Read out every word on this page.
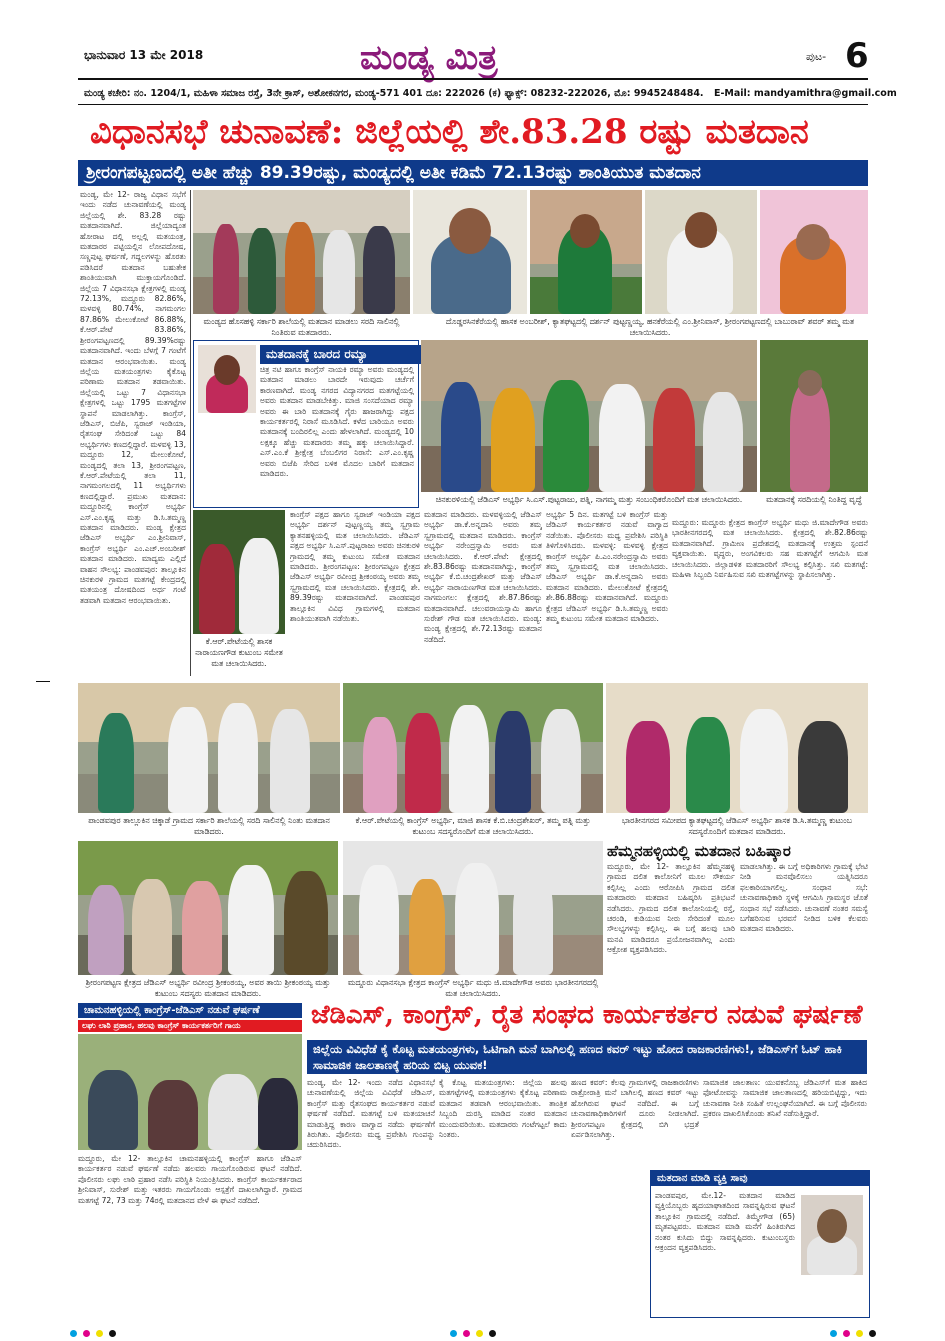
ಭಾನುವಾರ 13 ಮೇ 2018	ಮಂಡ್ಯ ಮಿತ್ರ	ಪುಟ- 6
ಮಂಡ್ಯ ಕಚೇರಿ: ನಂ. 1204/1, ಮಹಿಳಾ ಸಮಾಜ ರಸ್ತೆ, 3ನೇ ಕ್ರಾಸ್, ಅಶೋಕನಗರ, ಮಂಡ್ಯ-571 401 ದೂ: 222026 (ಕ) ಫ್ಯಾಕ್ಸ್: 08232-222026, ಮೊ: 9945248484. E-Mail: mandyamithra@gmail.com
ವಿಧಾನಸಭೆ ಚುನಾವಣೆ: ಜಿಲ್ಲೆಯಲ್ಲಿ ಶೇ.83.28 ರಷ್ಟು ಮತದಾನ
ಶ್ರೀರಂಗಪಟ್ಟಣದಲ್ಲಿ ಅತೀ ಹೆಚ್ಚು 89.39ರಷ್ಟು, ಮಂಡ್ಯದಲ್ಲಿ ಅತೀ ಕಡಿಮೆ 72.13ರಷ್ಟು ಶಾಂತಿಯುತ ಮತದಾನ
ಮಂಡ್ಯ, ಮೇ 12- ರಾಜ್ಯ ವಿಧಾನ ಸಭೆಗೆ ಇಂದು ನಡೆದ ಚುನಾವಣೆಯಲ್ಲಿ ಮಂಡ್ಯ ಜಿಲ್ಲೆಯಲ್ಲಿ ಶೇ. 83.28 ರಷ್ಟು ಮತದಾನವಾಗಿದೆ. ಜಿಲ್ಲೆಯಾದ್ಯಂತ ಹೋರಾಟ ದಲ್ಲಿ ಅಲ್ಲಲ್ಲಿ ಮತಯಂತ್ರ, ಮತದಾರರ ಪಟ್ಟಿಯಲ್ಲಿನ ಲೋಪದೋಷ, ಸಣ್ಣಪುಟ್ಟ ಘರ್ಷಣೆ, ಗದ್ದಲಗಳನ್ನು ಹೊರತು ಪಡಿಸಿದರೆ ಮತದಾನ ಬಹುತೇಕ ಶಾಂತಿಯುವಾಗಿ ಮುಕ್ತಾಯಗೊಂಡಿದೆ. ಜಿಲ್ಲೆಯ 7 ವಿಧಾನಸಭಾ ಕ್ಷೇತ್ರಗಳಲ್ಲಿ ಮಂಡ್ಯ 72.13%, ಮದ್ದೂರು 82.86%, ಮಳವಳ್ಳಿ 80.74%, ನಾಗಮಂಗಲ 87.86% ಮೇಲುಕೋಟೆ 86.88%, ಕೆ.ಆರ್.ಪೇಟೆ 83.86%, ಶ್ರೀರಂಗಪಟ್ಟಣದಲ್ಲಿ 89.39%ರಷ್ಟು ಮತದಾನವಾಗಿದೆ. ಇಂದು ಬೆಳಗ್ಗೆ 7 ಗಂಟೆಗೆ ಮತದಾನ ಆರಂಭವಾಯಿತು. ಮಂಡ್ಯ ಜಿಲ್ಲೆಯ ಮತಯಂತ್ರಗಳು ಕೈಕೊಟ್ಟ ಪರಿಣಾಮ ಮತದಾನ ತಡವಾಯಿತು. ಜಿಲ್ಲೆಯಲ್ಲಿ ಒಟ್ಟು 7 ವಿಧಾನಸಭಾ ಕ್ಷೇತ್ರಗಳಲ್ಲಿ ಒಟ್ಟು 1795 ಮತಗಟ್ಟೆಗಳ ಸ್ಥಾಪನೆ ಮಾಡಲಾಗಿತ್ತು. ಕಾಂಗ್ರೆಸ್, ಜೆಡಿಎಸ್, ಬಿಜೆಪಿ, ಸ್ವರಾಜ್ ಇಂಡಿಯಾ, ರೈತಸಂಘ ಸೇರಿದಂತೆ ಒಟ್ಟು 84 ಅಭ್ಯರ್ಥಿಗಳು ಕಣದಲ್ಲಿದ್ದಾರೆ. ಮಳವಳ್ಳಿ 13, ಮದ್ದೂರು 12, ಮೇಲುಕೋಟೆ, ಮಂಡ್ಯದಲ್ಲಿ ತಲಾ 13, ಶ್ರೀರಂಗಪಟ್ಟಣ, ಕೆ.ಆರ್.ಪೇಟೆಯಲ್ಲಿ ತಲಾ 11, ನಾಗಮಂಗಲದಲ್ಲಿ 11 ಅಭ್ಯರ್ಥಿಗಳು ಕಣದಲ್ಲಿದ್ದಾರೆ. ಪ್ರಮುಖ ಮತದಾನ: ಮದ್ದೂರಿನಲ್ಲಿ ಕಾಂಗ್ರೆಸ್ ಅಭ್ಯರ್ಥಿ ಎಸ್.ಎಂ.ಕೃಷ್ಣ ಮತ್ತು ಡಿ.ಸಿ.ತಮ್ಮಣ್ಣ ಮತದಾನ ಮಾಡಿದರು. ಮಂಡ್ಯ ಕ್ಷೇತ್ರದ ಜೆಡಿಎಸ್ ಅಭ್ಯರ್ಥಿ ಎಂ.ಶ್ರೀನಿವಾಸ್, ಕಾಂಗ್ರೆಸ್ ಅಭ್ಯರ್ಥಿ ಎಂ.ಎಚ್.ಅಂಬರೀಶ್ ಮತದಾನ ಮಾಡಿದರು. ಮಾದ್ಯಮ ಎಲ್ಲಿದೆ ವಾಹನ ಸೌಲಭ್ಯ: ಪಾಂಡವಪುರ: ತಾಲ್ಲೂಕಿನ ಚಿನಕುರಳಿ ಗ್ರಾಮದ ಮತಗಟ್ಟೆ ಕೇಂದ್ರದಲ್ಲಿ ಮತಯಂತ್ರ ದೋಷದಿಂದ ಅರ್ಧ ಗಂಟೆ ತಡವಾಗಿ ಮತದಾನ ಆರಂಭವಾಯಿತು.
ಮಂಡ್ಯದ ಹೊಸಹಳ್ಳಿ ಸರ್ಕಾರಿ ಶಾಲೆಯಲ್ಲಿ ಮತದಾನ ಮಾಡಲು ಸರದಿ ಸಾಲಿನಲ್ಲಿ ನಿಂತಿರುವ ಮತದಾರರು.
ದೊಡ್ಡರಸಿನಕೆರೆಯಲ್ಲಿ ಹಾಸಕ ಅಂಬರೀಶ್, ಕ್ಯಾತಘಟ್ಟದಲ್ಲಿ ದರ್ಶನ್ ಪುಟ್ಟಣ್ಣಯ್ಯ, ಹನಕೆರೆಯಲ್ಲಿ ಎಂ.ಶ್ರೀನಿವಾಸ್, ಶ್ರೀರಂಗಪಟ್ಟಣದಲ್ಲಿ ಬಾಬುರಾವ್ ಶವರ್ ತಮ್ಮ ಮತ ಚಲಾಯಿಸಿದರು.
ಮತದಾನಕ್ಕೆ ಬಾರದ ರಮ್ಯಾ
ಚಿತ್ರ ನಟಿ ಹಾಗೂ ಕಾಂಗ್ರೆಸ್ ನಾಯಕಿ ರಮ್ಯಾ ಅವರು ಮಂಡ್ಯದಲ್ಲಿ ಮತದಾನ ಮಾಡಲು ಬಾರದೇ ಇರುವುದು ಚರ್ಚೆಗೆ ಕಾರಣವಾಗಿದೆ. ಮಂಡ್ಯ ನಗರದ ವಿದ್ಯಾನಗರದ ಮತಗಟ್ಟೆಯಲ್ಲಿ ಅವರು ಮತದಾನ ಮಾಡಬೇಕಿತ್ತು. ಮಾಜಿ ಸಂಸದೆಯಾದ ರಮ್ಯಾ ಅವರು ಈ ಬಾರಿ ಮತದಾನಕ್ಕೆ ಗೈರು ಹಾಜರಾಗಿದ್ದು ಪಕ್ಷದ ಕಾರ್ಯಕರ್ತರಲ್ಲಿ ನಿರಾಸೆ ಮೂಡಿಸಿದೆ. ಕಳೆದ ಬಾರಿಯೂ ಅವರು ಮತದಾನಕ್ಕೆ ಬಂದಿರಲಿಲ್ಲ ಎಂದು ಹೇಳಲಾಗಿದೆ. ಮಂಡ್ಯದಲ್ಲಿ 10 ಲಕ್ಷಕ್ಕೂ ಹೆಚ್ಚು ಮತದಾರರು ತಮ್ಮ ಹಕ್ಕು ಚಲಾಯಿಸಿದ್ದಾರೆ. ಎಸ್.ಎಂ.ಕೆ ಶ್ರೀಕ್ಷೇತ್ರ ಬೆಂಬಲಿಗರ ನಿರಾಸೆ: ಎಸ್.ಎಂ.ಕೃಷ್ಣ ಅವರು ಬಿಜೆಪಿ ಸೇರಿದ ಬಳಿಕ ಮೊದಲ ಬಾರಿಗೆ ಮತದಾನ ಮಾಡಿದರು.
ಚಿನಕುರಳಿಯಲ್ಲಿ ಜೆಡಿಎಸ್ ಅಭ್ಯರ್ಥಿ ಸಿ.ಎಸ್.ಪುಟ್ಟರಾಜು, ಪತ್ನಿ, ನಾಗಮ್ಮ ಮತ್ತು ಸಂಬಂಧಿಕರೊಂದಿಗೆ ಮತ ಚಲಾಯಿಸಿದರು.	ಮತದಾನಕ್ಕೆ ಸರದಿಯಲ್ಲಿ ನಿಂತಿದ್ದ ವೃದ್ಧೆ
ಕೆ.ಆರ್.ಪೇಟೆಯಲ್ಲಿ ಶಾಸಕ ನಾರಾಯಣಗೌಡ ಕುಟುಂಬ ಸಮೇತ ಮತ ಚಲಾಯಿಸಿದರು.
ಕಾಂಗ್ರೆಸ್ ಪಕ್ಷದ ಹಾಗೂ ಸ್ವರಾಜ್ ಇಂಡಿಯಾ ಪಕ್ಷದ ಅಭ್ಯರ್ಥಿ ದರ್ಶನ್ ಪುಟ್ಟಣ್ಣಯ್ಯ ತಮ್ಮ ಸ್ವಗ್ರಾಮ ಕ್ಯಾತನಹಳ್ಳಿಯಲ್ಲಿ ಮತ ಚಲಾಯಿಸಿದರು. ಜೆಡಿಎಸ್ ಪಕ್ಷದ ಅಭ್ಯರ್ಥಿ ಸಿ.ಎಸ್.ಪುಟ್ಟರಾಜು ಅವರು ಚಿನಕುರಳಿ ಗ್ರಾಮದಲ್ಲಿ ತಮ್ಮ ಕುಟುಂಬ ಸಮೇತ ಮತದಾನ ಮಾಡಿದರು. ಶ್ರೀರಂಗಪಟ್ಟಣ: ಶ್ರೀರಂಗಪಟ್ಟಣ ಕ್ಷೇತ್ರದ ಜೆಡಿಎಸ್ ಅಭ್ಯರ್ಥಿ ರವೀಂದ್ರ ಶ್ರೀಕಂಠಯ್ಯ ಅವರು ತಮ್ಮ ಸ್ವಗ್ರಾಮದಲ್ಲಿ ಮತ ಚಲಾಯಿಸಿದರು. ಕ್ಷೇತ್ರದಲ್ಲಿ ಶೇ. 89.39ರಷ್ಟು ಮತದಾನವಾಗಿದೆ. ಪಾಂಡವಪುರ ತಾಲ್ಲೂಕಿನ ವಿವಿಧ ಗ್ರಾಮಗಳಲ್ಲಿ ಮತದಾನ ಶಾಂತಿಯುತವಾಗಿ ನಡೆಯಿತು.
ಮತದಾನ ಮಾಡಿದರು. ಮಳವಳ್ಳಿಯಲ್ಲಿ ಜೆಡಿಎಸ್ ಅಭ್ಯರ್ಥಿ ಡಾ.ಕೆ.ಅನ್ನದಾನಿ ಅವರು ತಮ್ಮ ಸ್ವಗ್ರಾಮದಲ್ಲಿ ಮತದಾನ ಮಾಡಿದರು. ಕಾಂಗ್ರೆಸ್ ಅಭ್ಯರ್ಥಿ ನರೇಂದ್ರಸ್ವಾಮಿ ಅವರು ಮತ ಚಲಾಯಿಸಿದರು. ಕೆ.ಆರ್.ಪೇಟೆ: ಕ್ಷೇತ್ರದಲ್ಲಿ ಶೇ.83.86ರಷ್ಟು ಮತದಾನವಾಗಿದ್ದು, ಕಾಂಗ್ರೆಸ್ ಅಭ್ಯರ್ಥಿ ಕೆ.ಬಿ.ಚಂದ್ರಶೇಖರ್ ಮತ್ತು ಜೆಡಿಎಸ್ ಅಭ್ಯರ್ಥಿ ನಾರಾಯಣಗೌಡ ಮತ ಚಲಾಯಿಸಿದರು. ನಾಗಮಂಗಲ: ಕ್ಷೇತ್ರದಲ್ಲಿ ಶೇ.87.86ರಷ್ಟು ಮತದಾನವಾಗಿದೆ. ಚಲುವರಾಯಸ್ವಾಮಿ ಹಾಗೂ ಸುರೇಶ್ ಗೌಡ ಮತ ಚಲಾಯಿಸಿದರು. ಮಂಡ್ಯ: ಮಂಡ್ಯ ಕ್ಷೇತ್ರದಲ್ಲಿ ಶೇ.72.13ರಷ್ಟು ಮತದಾನ ನಡೆದಿದೆ.
ಅಭ್ಯರ್ಥಿ 5 ದಿನ. ಮತಗಟ್ಟೆ ಬಳಿ ಕಾಂಗ್ರೆಸ್ ಮತ್ತು ಜೆಡಿಎಸ್ ಕಾರ್ಯಕರ್ತರ ನಡುವೆ ವಾಗ್ವಾದ ನಡೆಯಿತು. ಪೊಲೀಸರು ಮಧ್ಯ ಪ್ರವೇಶಿಸಿ ಪರಿಸ್ಥಿತಿ ತಿಳಿಗೊಳಿಸಿದರು. ಮಳವಳ್ಳಿ: ಮಳವಳ್ಳಿ ಕ್ಷೇತ್ರದ ಕಾಂಗ್ರೆಸ್ ಅಭ್ಯರ್ಥಿ ಪಿ.ಎಂ.ನರೇಂದ್ರಸ್ವಾಮಿ ಅವರು ತಮ್ಮ ಸ್ವಗ್ರಾಮದಲ್ಲಿ ಮತ ಚಲಾಯಿಸಿದರು. ಜೆಡಿಎಸ್ ಅಭ್ಯರ್ಥಿ ಡಾ.ಕೆ.ಅನ್ನದಾನಿ ಅವರು ಮತದಾನ ಮಾಡಿದರು. ಮೇಲುಕೋಟೆ ಕ್ಷೇತ್ರದಲ್ಲಿ ಶೇ.86.88ರಷ್ಟು ಮತದಾನವಾಗಿದೆ. ಮದ್ದೂರು ಕ್ಷೇತ್ರದ ಜೆಡಿಎಸ್ ಅಭ್ಯರ್ಥಿ ಡಿ.ಸಿ.ತಮ್ಮಣ್ಣ ಅವರು ತಮ್ಮ ಕುಟುಂಬ ಸಮೇತ ಮತದಾನ ಮಾಡಿದರು.
ಮದ್ದೂರು: ಮದ್ದೂರು ಕ್ಷೇತ್ರದ ಕಾಂಗ್ರೆಸ್ ಅಭ್ಯರ್ಥಿ ಮಧು ಜಿ.ಮಾದೇಗೌಡ ಅವರು ಭಾರತೀನಗರದಲ್ಲಿ ಮತ ಚಲಾಯಿಸಿದರು. ಕ್ಷೇತ್ರದಲ್ಲಿ ಶೇ.82.86ರಷ್ಟು ಮತದಾನವಾಗಿದೆ. ಗ್ರಾಮೀಣ ಪ್ರದೇಶದಲ್ಲಿ ಮತದಾನಕ್ಕೆ ಉತ್ತಮ ಸ್ಪಂದನೆ ವ್ಯಕ್ತವಾಯಿತು. ವೃದ್ಧರು, ಅಂಗವಿಕಲರು ಸಹ ಮತಗಟ್ಟೆಗೆ ಆಗಮಿಸಿ ಮತ ಚಲಾಯಿಸಿದರು. ಜಿಲ್ಲಾಡಳಿತ ಮತದಾರರಿಗೆ ಸೌಲಭ್ಯ ಕಲ್ಪಿಸಿತ್ತು. ಸಖಿ ಮತಗಟ್ಟೆ: ಮಹಿಳಾ ಸಿಬ್ಬಂದಿ ನಿರ್ವಹಿಸುವ ಸಖಿ ಮತಗಟ್ಟೆಗಳನ್ನು ಸ್ಥಾಪಿಸಲಾಗಿತ್ತು.
ಪಾಂಡವಪುರ ತಾಲ್ಲೂಕಿನ ಚಿಕ್ಕಾಡೆ ಗ್ರಾಮದ ಸರ್ಕಾರಿ ಶಾಲೆಯಲ್ಲಿ ಸರದಿ ಸಾಲಿನಲ್ಲಿ ನಿಂತು ಮತದಾನ ಮಾಡಿದರು.
ಕೆ.ಆರ್.ಪೇಟೆಯಲ್ಲಿ ಕಾಂಗ್ರೆಸ್ ಅಭ್ಯರ್ಥಿ, ಮಾಜಿ ಶಾಸಕ ಕೆ.ಬಿ.ಚಂದ್ರಶೇಖರ್, ತಮ್ಮ ಪತ್ನಿ ಮತ್ತು ಕುಟುಂಬ ಸದಸ್ಯರೊಂದಿಗೆ ಮತ ಚಲಾಯಿಸಿದರು.
ಭಾರತೀನಗರದ ಸಮೀಪದ ಕ್ಯಾತಘಟ್ಟದಲ್ಲಿ ಜೆಡಿಎಸ್ ಅಭ್ಯರ್ಥಿ ಶಾಸಕ ಡಿ.ಸಿ.ತಮ್ಮಣ್ಣ ಕುಟುಂಬ ಸದಸ್ಯರೊಂದಿಗೆ ಮತದಾನ ಮಾಡಿದರು.
ಶ್ರೀರಂಗಪಟ್ಟಣ ಕ್ಷೇತ್ರದ ಜೆಡಿಎಸ್ ಅಭ್ಯರ್ಥಿ ರವೀಂದ್ರ ಶ್ರೀಕಂಠಯ್ಯ, ಅವರ ತಾಯಿ ಶ್ರೀಕಂಠಯ್ಯ ಮತ್ತು ಕುಟುಂಬ ಸದಸ್ಯರು ಮತದಾನ ಮಾಡಿದರು.
ಮದ್ದೂರು ವಿಧಾನಸಭಾ ಕ್ಷೇತ್ರದ ಕಾಂಗ್ರೆಸ್ ಅಭ್ಯರ್ಥಿ ಮಧು ಜಿ.ಮಾದೇಗೌಡ ಅವರು ಭಾರತೀನಗರದಲ್ಲಿ ಮತ ಚಲಾಯಿಸಿದರು.
ಹೆಮ್ಮನಹಳ್ಳಿಯಲ್ಲಿ ಮತದಾನ ಬಹಿಷ್ಕಾರ
ಮದ್ದೂರು, ಮೇ 12- ತಾಲ್ಲೂಕಿನ ಹೆಮ್ಮನಹಳ್ಳಿ ಗ್ರಾಮದ ದಲಿತ ಕಾಲೋನಿಗೆ ಮೂಲ ಸೌಕರ್ಯ ಕಲ್ಪಿಸಿಲ್ಲ ಎಂದು ಆರೋಪಿಸಿ ಗ್ರಾಮದ ದಲಿತ ಮತದಾರರು ಮತದಾನ ಬಹಿಷ್ಕರಿಸಿ ಪ್ರತಿಭಟನೆ ನಡೆಸಿದರು. ಗ್ರಾಮದ ದಲಿತ ಕಾಲೋನಿಯಲ್ಲಿ ರಸ್ತೆ, ಚರಂಡಿ, ಕುಡಿಯುವ ನೀರು ಸೇರಿದಂತೆ ಮೂಲ ಸೌಲಭ್ಯಗಳನ್ನು ಕಲ್ಪಿಸಿಲ್ಲ. ಈ ಬಗ್ಗೆ ಹಲವು ಬಾರಿ ಮನವಿ ಮಾಡಿದರೂ ಪ್ರಯೋಜನವಾಗಿಲ್ಲ ಎಂದು ಆಕ್ರೋಶ ವ್ಯಕ್ತಪಡಿಸಿದರು.
ಮಾಡಲಾಗಿತ್ತು. ಈ ಬಗ್ಗೆ ಅಧಿಕಾರಿಗಳು ಗ್ರಾಮಕ್ಕೆ ಭೇಟಿ ನೀಡಿ ಮನವೊಲಿಸಲು ಯತ್ನಿಸಿದರೂ ಫಲಕಾರಿಯಾಗಲಿಲ್ಲ. ಸಂಧಾನ ಸಭೆ: ಚುನಾವಣಾಧಿಕಾರಿ ಸ್ಥಳಕ್ಕೆ ಆಗಮಿಸಿ ಗ್ರಾಮಸ್ಥರ ಜೊತೆ ಸಂಧಾನ ಸಭೆ ನಡೆಸಿದರು. ಚುನಾವಣೆ ನಂತರ ಸಮಸ್ಯೆ ಬಗೆಹರಿಸುವ ಭರವಸೆ ನೀಡಿದ ಬಳಿಕ ಕೆಲವರು ಮತದಾನ ಮಾಡಿದರು.
ಚಾಮನಹಳ್ಳಿಯಲ್ಲಿ ಕಾಂಗ್ರೆಸ್-ಜೆಡಿಎಸ್ ನಡುವೆ ಘರ್ಷಣೆ
ಲಘು ಲಾಠಿ ಪ್ರಹಾರ, ಹಲವು ಕಾಂಗ್ರೆಸ್ ಕಾರ್ಯಕರ್ತರಿಗೆ ಗಾಯ
ಮದ್ದೂರು, ಮೇ 12- ತಾಲ್ಲೂಕಿನ ಚಾಮನಹಳ್ಳಿಯಲ್ಲಿ ಕಾಂಗ್ರೆಸ್ ಹಾಗೂ ಜೆಡಿಎಸ್ ಕಾರ್ಯಕರ್ತರ ನಡುವೆ ಘರ್ಷಣೆ ನಡೆದು ಹಲವರು ಗಾಯಗೊಂಡಿರುವ ಘಟನೆ ನಡೆದಿದೆ. ಪೊಲೀಸರು ಲಘು ಲಾಠಿ ಪ್ರಹಾರ ನಡೆಸಿ ಪರಿಸ್ಥಿತಿ ನಿಯಂತ್ರಿಸಿದರು. ಕಾಂಗ್ರೆಸ್ ಕಾರ್ಯಕರ್ತರಾದ ಶ್ರೀನಿವಾಸ್, ಸುರೇಶ್ ಮತ್ತು ಇತರರು ಗಾಯಗೊಂಡು ಆಸ್ಪತ್ರೆಗೆ ದಾಖಲಾಗಿದ್ದಾರೆ. ಗ್ರಾಮದ ಮತಗಟ್ಟೆ 72, 73 ಮತ್ತು 74ರಲ್ಲಿ ಮತದಾನದ ವೇಳೆ ಈ ಘಟನೆ ನಡೆದಿದೆ.
ಜೆಡಿಎಸ್, ಕಾಂಗ್ರೆಸ್, ರೈತ ಸಂಘದ ಕಾರ್ಯಕರ್ತರ ನಡುವೆ ಘರ್ಷಣೆ
ಜಿಲ್ಲೆಯ ವಿವಿಧೆಡೆ ಕೈ ಕೊಟ್ಟ ಮತಯಂತ್ರಗಳು, ಓಟಿಗಾಗಿ ಮನೆ ಬಾಗಿಲಲ್ಲಿ ಹಣದ ಕವರ್ ಇಟ್ಟು ಹೋದ ರಾಜಕಾರಣಿಗಳು!, ಜೆಡಿಎಸ್‌ಗೆ ಓಟ್ ಹಾಕಿ ಸಾಮಾಜಿಕ ಜಾಲತಾಣಕ್ಕೆ ಹರಿಯ ಬಿಟ್ಟ ಯುವಕ!
ಮಂಡ್ಯ, ಮೇ 12- ಇಂದು ನಡೆದ ವಿಧಾನಸಭೆ ಚುನಾವಣೆಯಲ್ಲಿ ಜಿಲ್ಲೆಯ ವಿವಿಧೆಡೆ ಜೆಡಿಎಸ್, ಕಾಂಗ್ರೆಸ್ ಮತ್ತು ರೈತಸಂಘದ ಕಾರ್ಯಕರ್ತರ ನಡುವೆ ಘರ್ಷಣೆ ನಡೆದಿದೆ. ಮತಗಟ್ಟೆ ಬಳಿ ಮತಯಾಚನೆ ಮಾಡುತ್ತಿದ್ದ ಕಾರಣ ವಾಗ್ವಾದ ನಡೆದು ಘರ್ಷಣೆಗೆ ತಿರುಗಿತು. ಪೊಲೀಸರು ಮಧ್ಯ ಪ್ರವೇಶಿಸಿ ಗುಂಪನ್ನು ಚದುರಿಸಿದರು.
ಕೈ ಕೊಟ್ಟ ಮತಯಂತ್ರಗಳು: ಜಿಲ್ಲೆಯ ಹಲವು ಮತಗಟ್ಟೆಗಳಲ್ಲಿ ಮತಯಂತ್ರಗಳು ಕೈಕೊಟ್ಟ ಪರಿಣಾಮ ಮತದಾನ ತಡವಾಗಿ ಆರಂಭವಾಯಿತು. ತಾಂತ್ರಿಕ ಸಿಬ್ಬಂದಿ ದುರಸ್ತಿ ಮಾಡಿದ ನಂತರ ಮತದಾನ ಮುಂದುವರಿಯಿತು. ಮತದಾರರು ಗಂಟೆಗಟ್ಟಲೆ ಕಾದು ನಿಂತರು.
ಹಣದ ಕವರ್: ಕೆಲವು ಗ್ರಾಮಗಳಲ್ಲಿ ರಾಜಕಾರಣಿಗಳು ರಾತ್ರೋರಾತ್ರಿ ಮನೆ ಬಾಗಿಲಲ್ಲಿ ಹಣದ ಕವರ್ ಇಟ್ಟು ಹೋಗಿರುವ ಘಟನೆ ನಡೆದಿದೆ. ಈ ಬಗ್ಗೆ ಚುನಾವಣಾಧಿಕಾರಿಗಳಿಗೆ ದೂರು ನೀಡಲಾಗಿದೆ. ಶ್ರೀರಂಗಪಟ್ಟಣ ಕ್ಷೇತ್ರದಲ್ಲಿ ಬಿಗಿ ಭದ್ರತೆ ಏರ್ಪಡಿಸಲಾಗಿತ್ತು.
ಸಾಮಾಜಿಕ ಜಾಲತಾಣ: ಯುವಕನೊಬ್ಬ ಜೆಡಿಎಸ್‌ಗೆ ಮತ ಹಾಕಿದ ಫೋಟೋವನ್ನು ಸಾಮಾಜಿಕ ಜಾಲತಾಣದಲ್ಲಿ ಹರಿಯಬಿಟ್ಟಿದ್ದು, ಇದು ಚುನಾವಣಾ ನೀತಿ ಸಂಹಿತೆ ಉಲ್ಲಂಘನೆಯಾಗಿದೆ. ಈ ಬಗ್ಗೆ ಪೊಲೀಸರು ಪ್ರಕರಣ ದಾಖಲಿಸಿಕೊಂಡು ತನಿಖೆ ನಡೆಸುತ್ತಿದ್ದಾರೆ.
ಮತದಾನ ಮಾಡಿ ವ್ಯಕ್ತಿ ಸಾವು
ಪಾಂಡವಪುರ, ಮೇ.12- ಮತದಾನ ಮಾಡಿದ ವ್ಯಕ್ತಿಯೊಬ್ಬರು ಹೃದಯಾಘಾತದಿಂದ ಸಾವನ್ನಪ್ಪಿರುವ ಘಟನೆ ತಾಲ್ಲೂಕಿನ ಗ್ರಾಮದಲ್ಲಿ ನಡೆದಿದೆ. ತಿಮ್ಮೇಗೌಡ (65) ಮೃತಪಟ್ಟವರು. ಮತದಾನ ಮಾಡಿ ಮನೆಗೆ ಹಿಂತಿರುಗಿದ ನಂತರ ಕುಸಿದು ಬಿದ್ದು ಸಾವನ್ನಪ್ಪಿದರು. ಕುಟುಂಬಸ್ಥರು ಆಕ್ರಂದನ ವ್ಯಕ್ತಪಡಿಸಿದರು.
